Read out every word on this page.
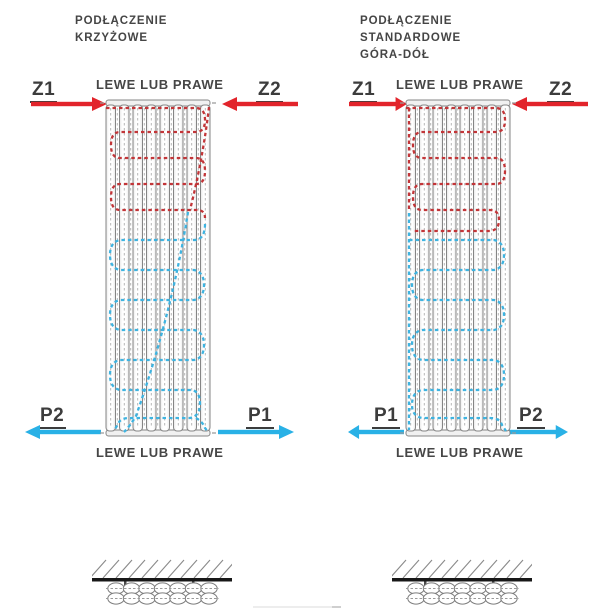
PODŁĄCZENIE
KRZYŻOWE
LEWE LUB PRAWE
Z1	Z2
P2	P1
LEWE LUB PRAWE
PODŁĄCZENIE
STANDARDOWE
GÓRA-DÓŁ
LEWE LUB PRAWE
Z1	Z2
P1	P2
LEWE LUB PRAWE
